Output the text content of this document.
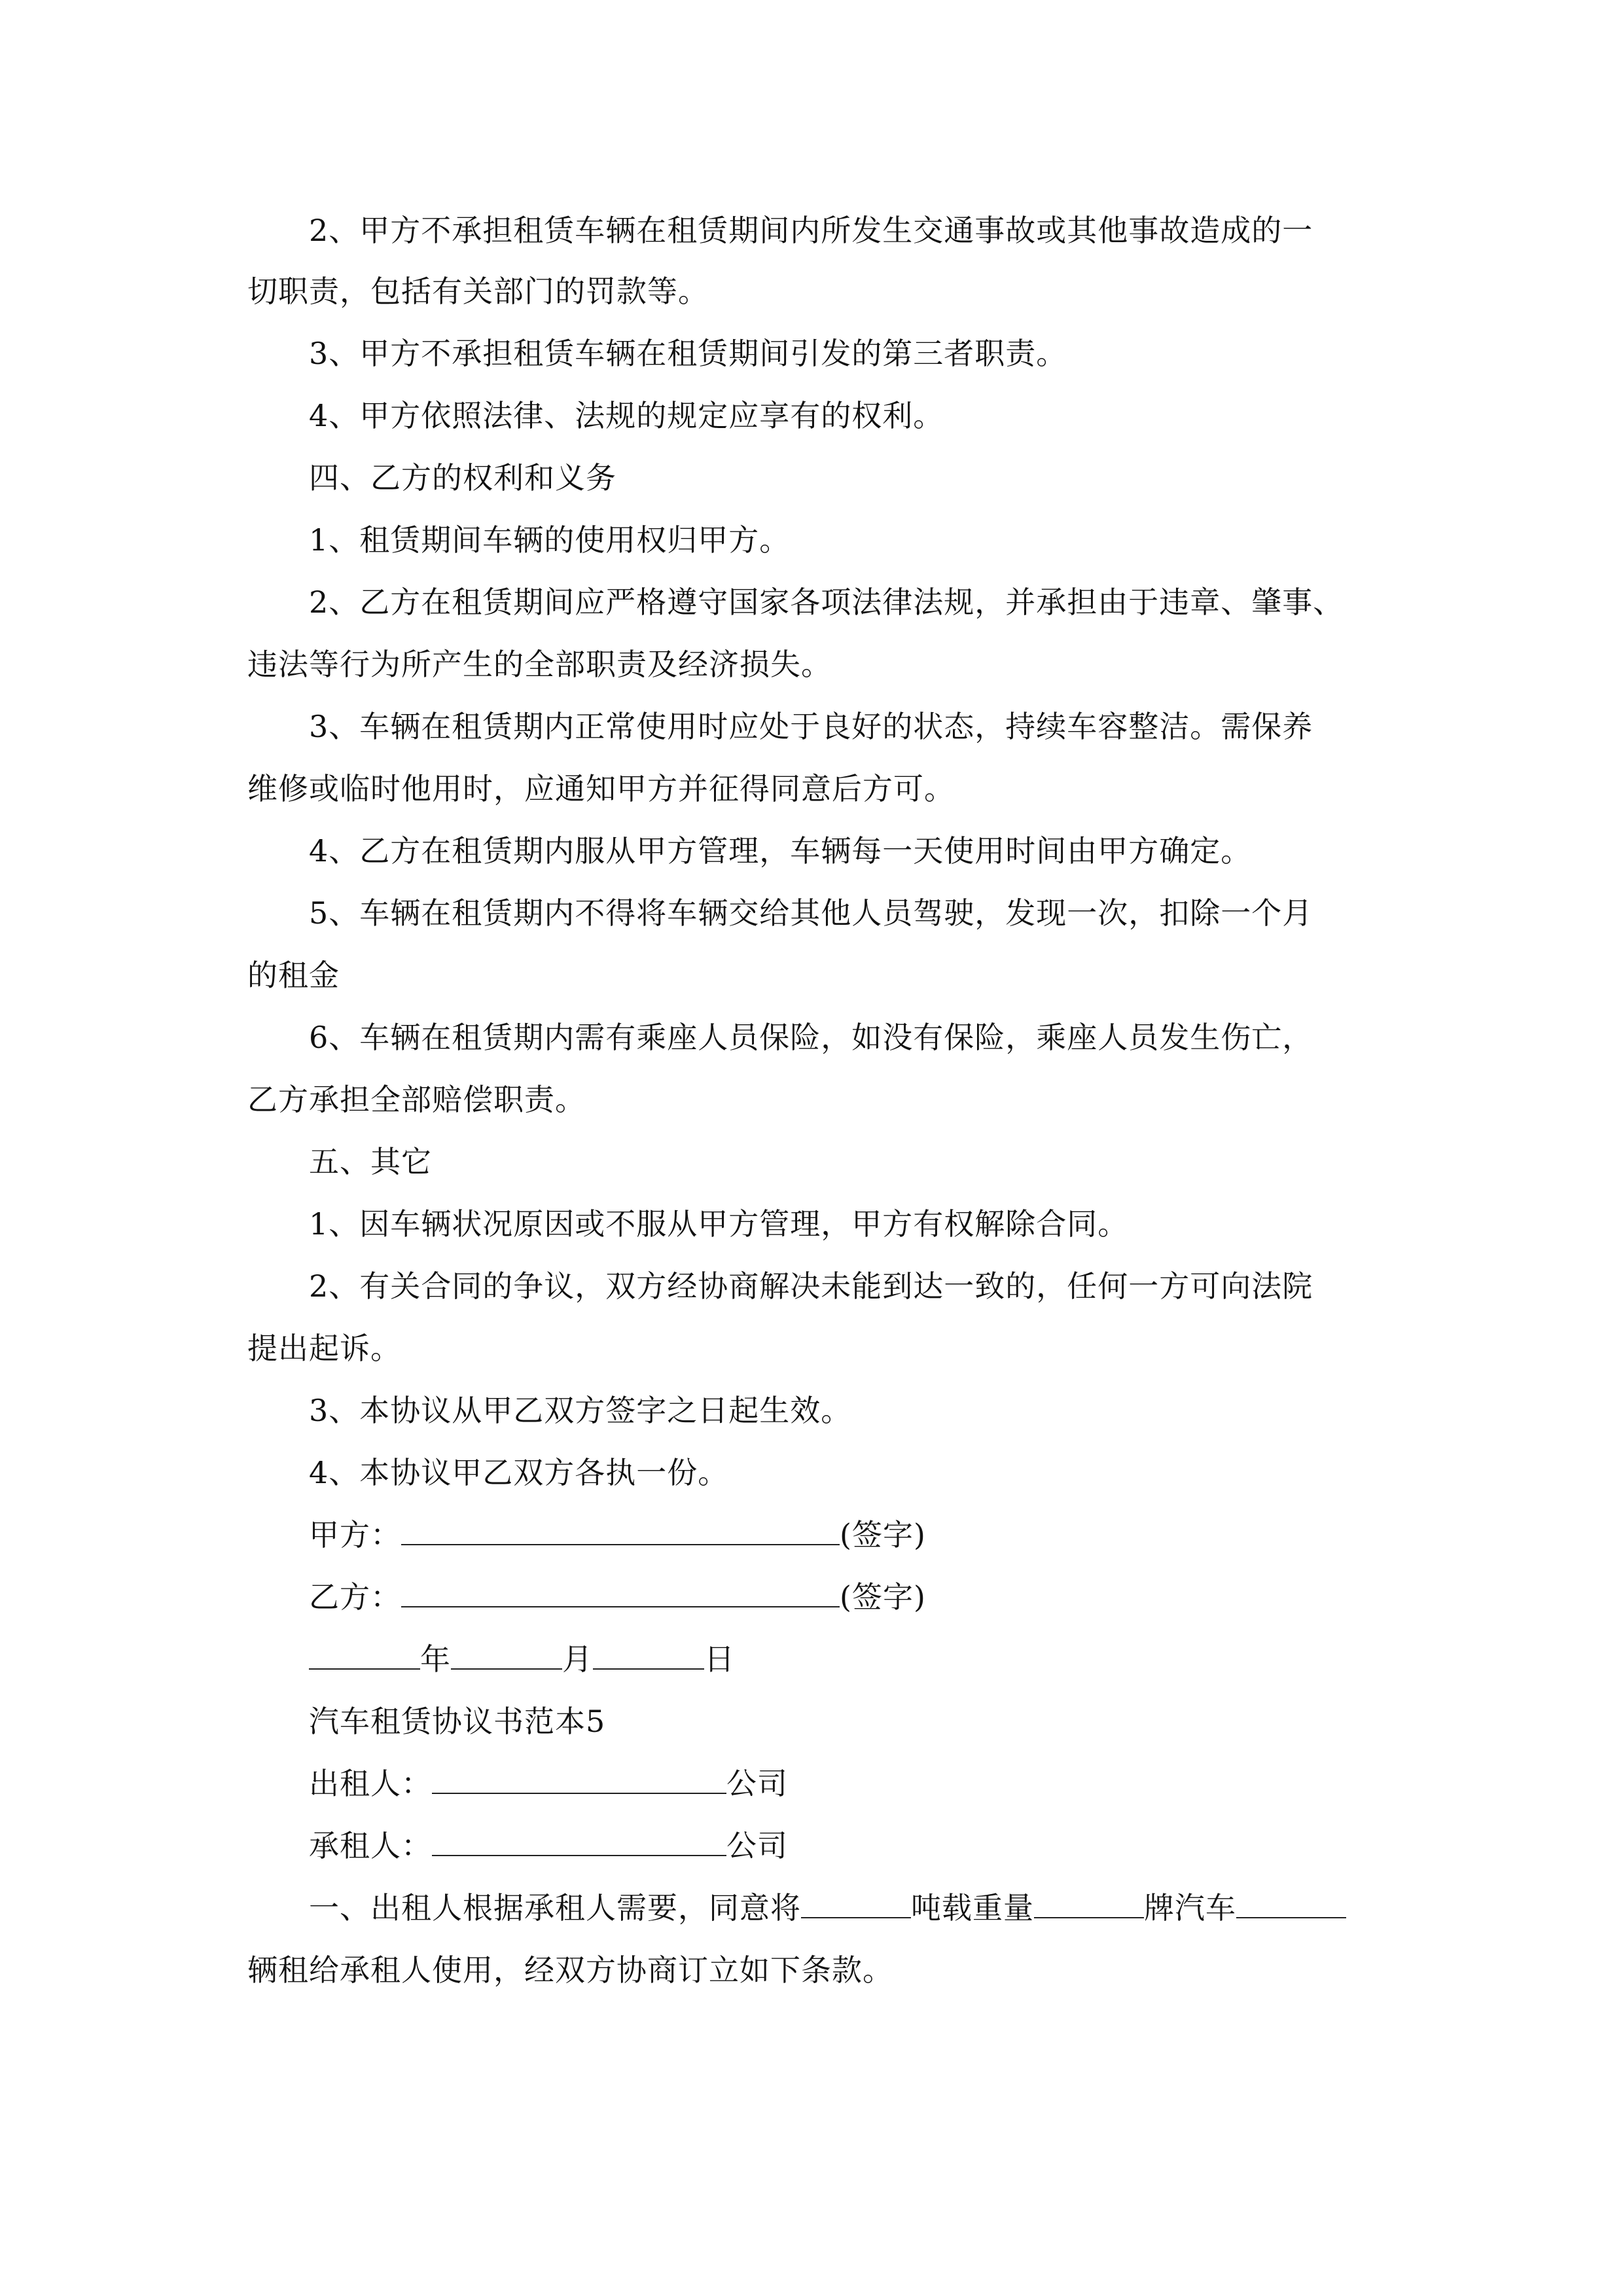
2、甲方不承担租赁车辆在租赁期间内所发生交通事故或其他事故造成的一
切职责，包括有关部门的罚款等。
3、甲方不承担租赁车辆在租赁期间引发的第三者职责。
4、甲方依照法律、法规的规定应享有的权利。
四、乙方的权利和义务
1、租赁期间车辆的使用权归甲方。
2、乙方在租赁期间应严格遵守国家各项法律法规，并承担由于违章、肇事、
违法等行为所产生的全部职责及经济损失。
3、车辆在租赁期内正常使用时应处于良好的状态，持续车容整洁。需保养
维修或临时他用时，应通知甲方并征得同意后方可。
4、乙方在租赁期内服从甲方管理，车辆每一天使用时间由甲方确定。
5、车辆在租赁期内不得将车辆交给其他人员驾驶，发现一次，扣除一个月
的租金
6、车辆在租赁期内需有乘座人员保险，如没有保险，乘座人员发生伤亡，
乙方承担全部赔偿职责。
五、其它
1、因车辆状况原因或不服从甲方管理，甲方有权解除合同。
2、有关合同的争议，双方经协商解决未能到达一致的，任何一方可向法院
提出起诉。
3、本协议从甲乙双方签字之日起生效。
4、本协议甲乙双方各执一份。
甲方：	(签字)
乙方：	(签字)
年	月	日
汽车租赁协议书范本5
出租人：	公司
承租人：	公司
一、出租人根据承租人需要，同意将	吨载重量	牌汽车
辆租给承租人使用，经双方协商订立如下条款。
